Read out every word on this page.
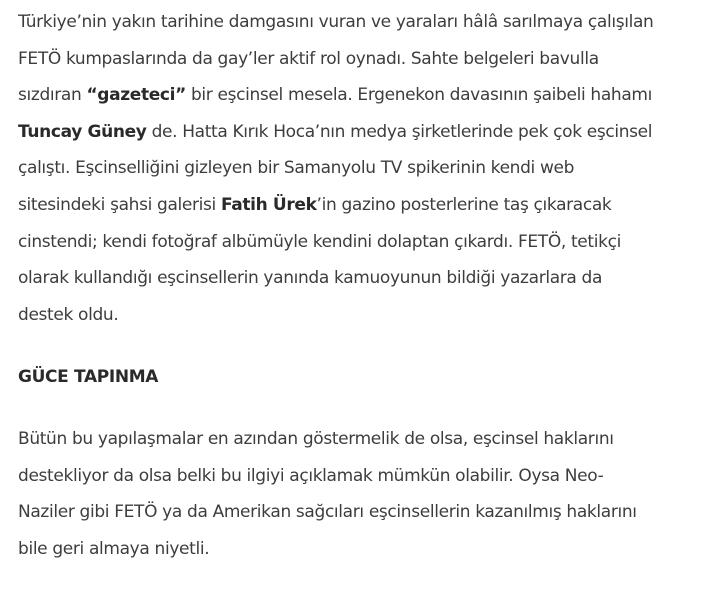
Türkiye’nin yakın tarihine damgasını vuran ve yaraları hâlâ sarılmaya çalışılan
FETÖ kumpaslarında da gay’ler aktif rol oynadı. Sahte belgeleri bavulla
sızdıran “gazeteci” bir eşcinsel mesela. Ergenekon davasının şaibeli hahamı
Tuncay Güney de. Hatta Kırık Hoca’nın medya şirketlerinde pek çok eşcinsel
çalıştı. Eşcinselliğini gizleyen bir Samanyolu TV spikerinin kendi web
sitesindeki şahsi galerisi Fatih Ürek’in gazino posterlerine taş çıkaracak
cinstendi; kendi fotoğraf albümüyle kendini dolaptan çıkardı. FETÖ, tetikçi
olarak kullandığı eşcinsellerin yanında kamuoyunun bildiği yazarlara da
destek oldu.

GÜCE TAPINMA

Bütün bu yapılaşmalar en azından göstermelik de olsa, eşcinsel haklarını
destekliyor da olsa belki bu ilgiyi açıklamak mümkün olabilir. Oysa Neo-
Naziler gibi FETÖ ya da Amerikan sağcıları eşcinsellerin kazanılmış haklarını
bile geri almaya niyetli.
